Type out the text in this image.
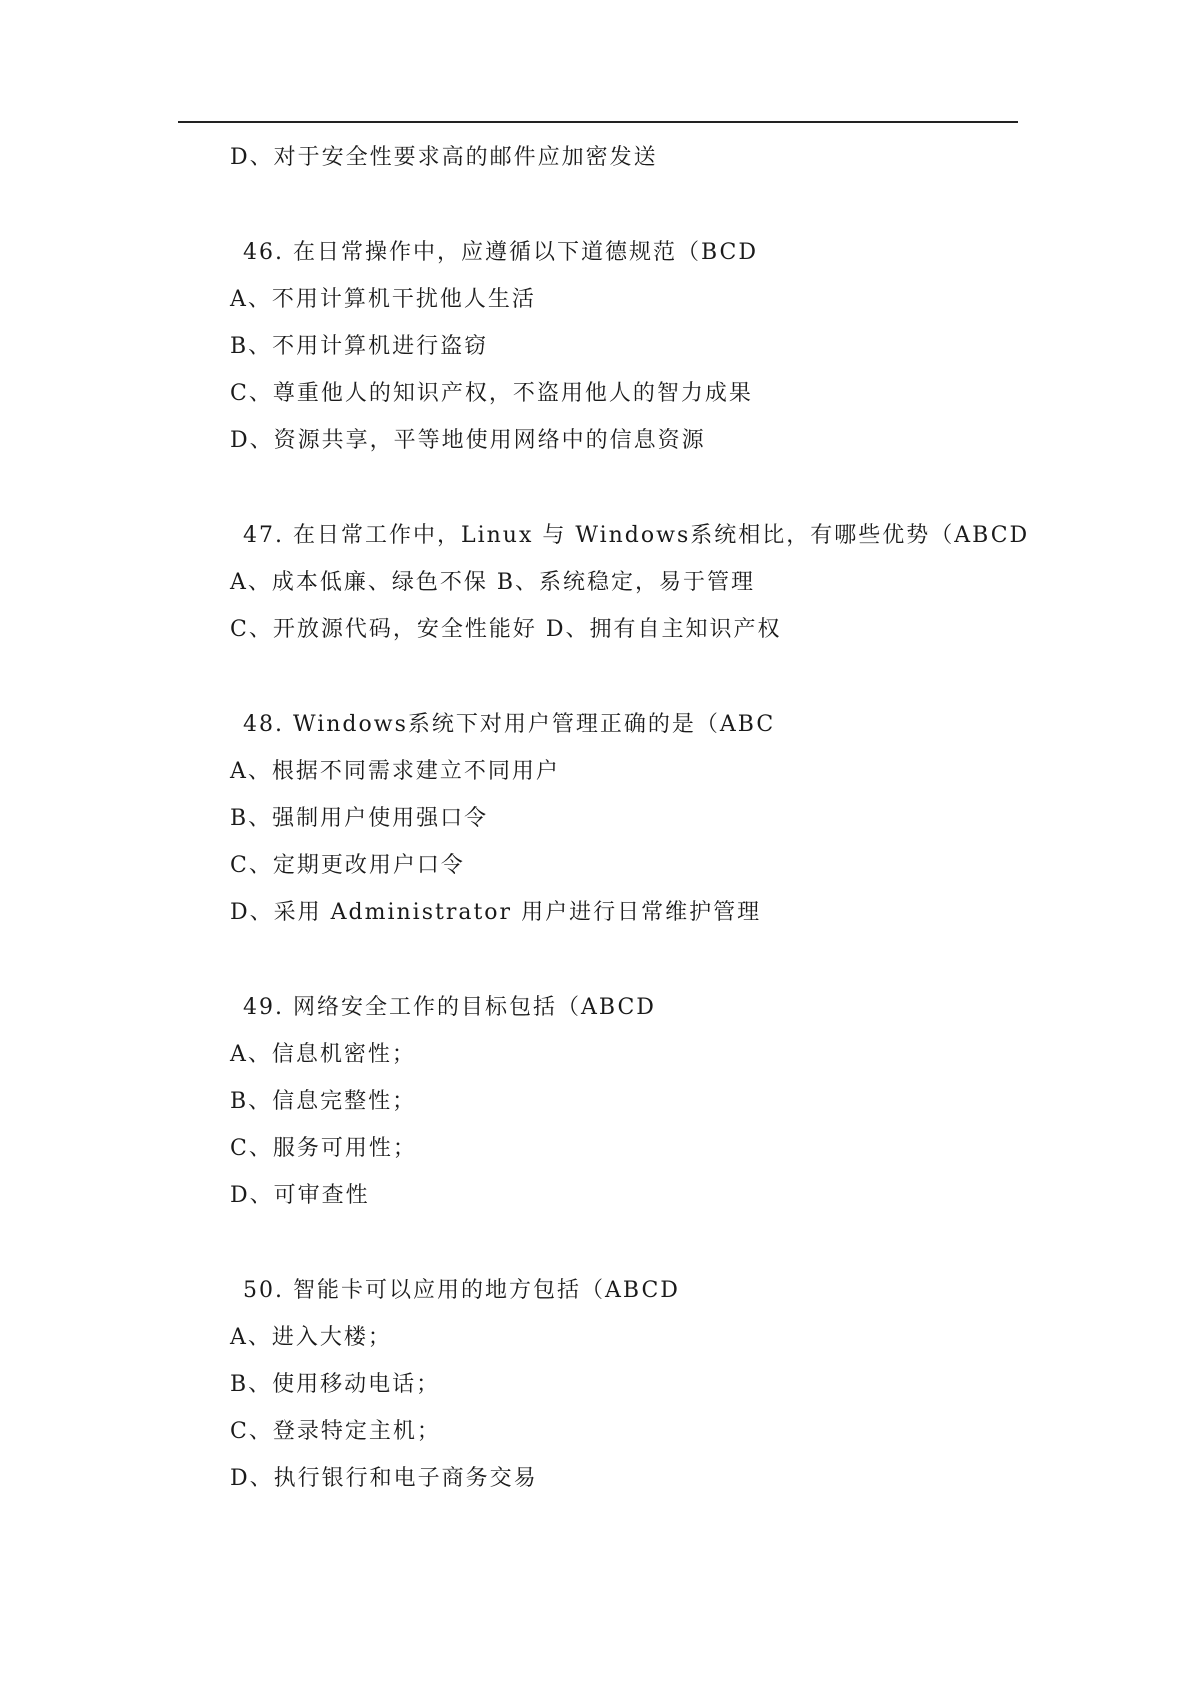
D、对于安全性要求高的邮件应加密发送
46. 在日常操作中，应遵循以下道德规范（BCD
A、不用计算机干扰他人生活
B、不用计算机进行盗窃
C、尊重他人的知识产权，不盗用他人的智力成果
D、资源共享，平等地使用网络中的信息资源
47. 在日常工作中，Linux 与 Windows系统相比，有哪些优势（ABCD
A、成本低廉、绿色不保 B、系统稳定，易于管理
C、开放源代码，安全性能好 D、拥有自主知识产权
48. Windows系统下对用户管理正确的是（ABC
A、根据不同需求建立不同用户
B、强制用户使用强口令
C、定期更改用户口令
D、采用 Administrator 用户进行日常维护管理
49. 网络安全工作的目标包括（ABCD
A、信息机密性；
B、信息完整性；
C、服务可用性；
D、可审查性
50. 智能卡可以应用的地方包括（ABCD
A、进入大楼；
B、使用移动电话；
C、登录特定主机；
D、执行银行和电子商务交易
